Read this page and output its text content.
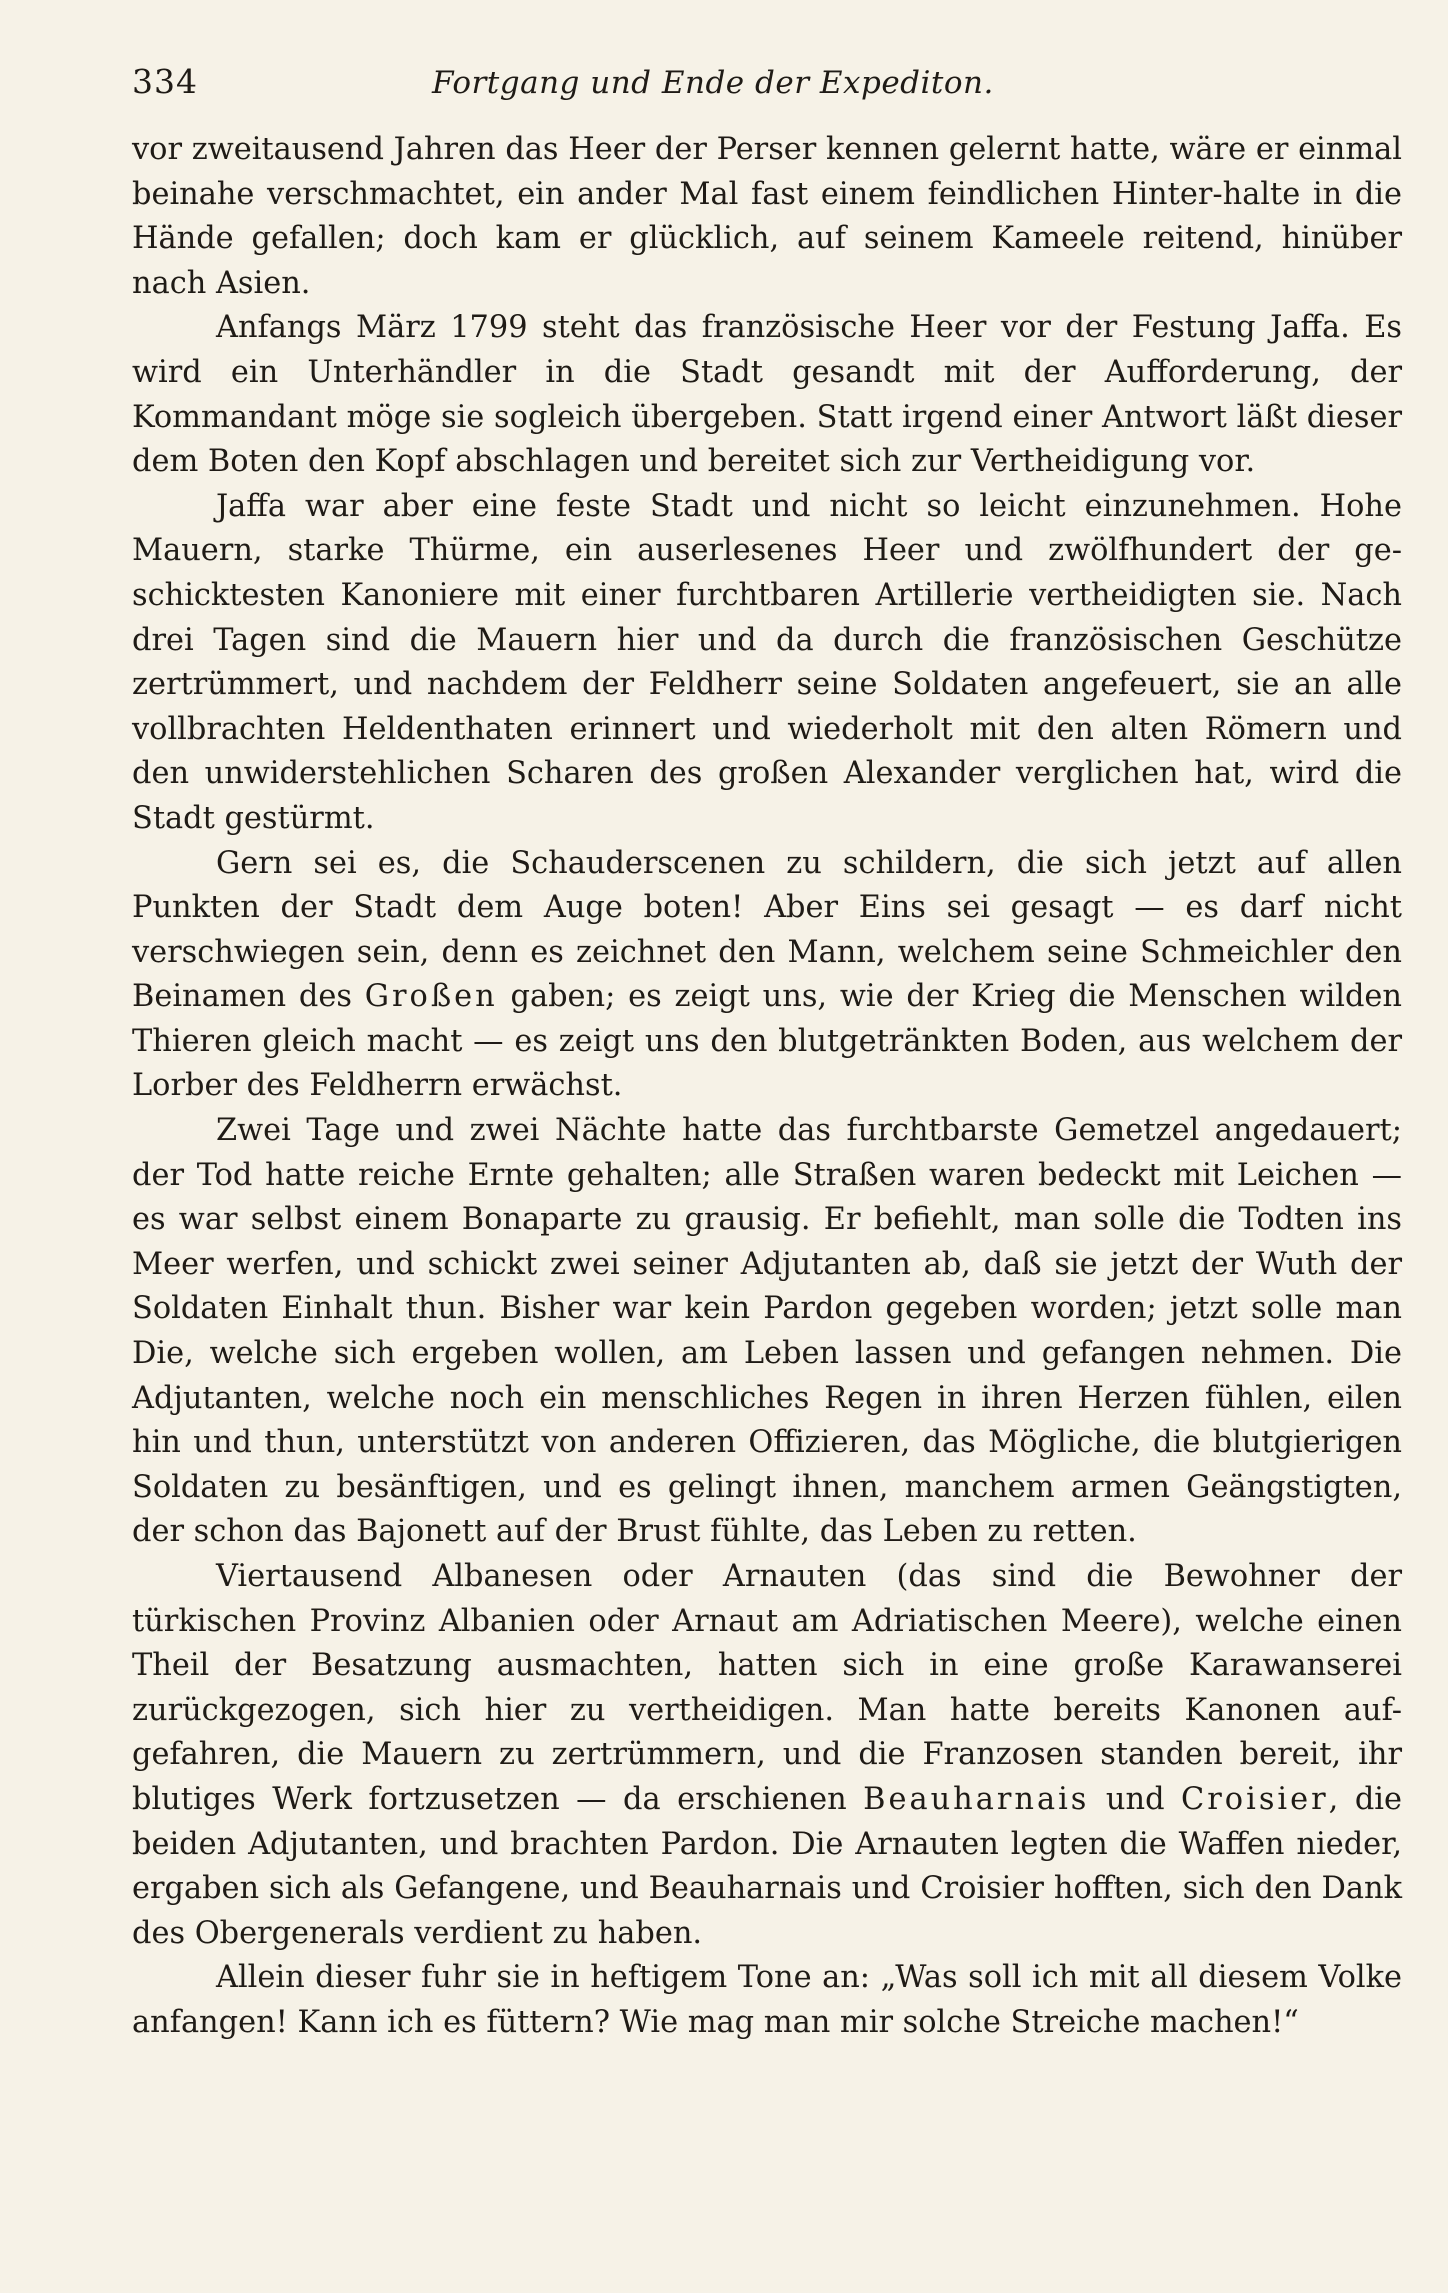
334	Fortgang und Ende der Expediton.

vor zweitausend Jahren das Heer der Perser kennen gelernt hatte, wäre er einmal beinahe verschmachtet, ein ander Mal fast einem feindlichen Hinter-halte in die Hände gefallen; doch kam er glücklich, auf seinem Kameele reitend, hinüber nach Asien.

Anfangs März 1799 steht das französische Heer vor der Festung Jaffa. Es wird ein Unterhändler in die Stadt gesandt mit der Aufforderung, der Kommandant möge sie sogleich übergeben. Statt irgend einer Antwort läßt dieser dem Boten den Kopf abschlagen und bereitet sich zur Vertheidigung vor.

Jaffa war aber eine feste Stadt und nicht so leicht einzunehmen. Hohe Mauern, starke Thürme, ein auserlesenes Heer und zwölfhundert der ge-schicktesten Kanoniere mit einer furchtbaren Artillerie vertheidigten sie. Nach drei Tagen sind die Mauern hier und da durch die französischen Geschütze zertrümmert, und nachdem der Feldherr seine Soldaten angefeuert, sie an alle vollbrachten Heldenthaten erinnert und wiederholt mit den alten Römern und den unwiderstehlichen Scharen des großen Alexander verglichen hat, wird die Stadt gestürmt.

Gern sei es, die Schauderscenen zu schildern, die sich jetzt auf allen Punkten der Stadt dem Auge boten! Aber Eins sei gesagt — es darf nicht verschwiegen sein, denn es zeichnet den Mann, welchem seine Schmeichler den Beinamen des Großen gaben; es zeigt uns, wie der Krieg die Menschen wilden Thieren gleich macht — es zeigt uns den blutgetränkten Boden, aus welchem der Lorber des Feldherrn erwächst.

Zwei Tage und zwei Nächte hatte das furchtbarste Gemetzel angedauert; der Tod hatte reiche Ernte gehalten; alle Straßen waren bedeckt mit Leichen — es war selbst einem Bonaparte zu grausig. Er befiehlt, man solle die Todten ins Meer werfen, und schickt zwei seiner Adjutanten ab, daß sie jetzt der Wuth der Soldaten Einhalt thun. Bisher war kein Pardon gegeben worden; jetzt solle man Die, welche sich ergeben wollen, am Leben lassen und gefangen nehmen. Die Adjutanten, welche noch ein menschliches Regen in ihren Herzen fühlen, eilen hin und thun, unterstützt von anderen Offizieren, das Mögliche, die blutgierigen Soldaten zu besänftigen, und es gelingt ihnen, manchem armen Geängstigten, der schon das Bajonett auf der Brust fühlte, das Leben zu retten.

Viertausend Albanesen oder Arnauten (das sind die Bewohner der türkischen Provinz Albanien oder Arnaut am Adriatischen Meere), welche einen Theil der Besatzung ausmachten, hatten sich in eine große Karawanserei zurückgezogen, sich hier zu vertheidigen. Man hatte bereits Kanonen auf-gefahren, die Mauern zu zertrümmern, und die Franzosen standen bereit, ihr blutiges Werk fortzusetzen — da erschienen Beauharnais und Croisier, die beiden Adjutanten, und brachten Pardon. Die Arnauten legten die Waffen nieder, ergaben sich als Gefangene, und Beauharnais und Croisier hofften, sich den Dank des Obergenerals verdient zu haben.

Allein dieser fuhr sie in heftigem Tone an: „Was soll ich mit all diesem Volke anfangen! Kann ich es füttern? Wie mag man mir solche Streiche machen!“
